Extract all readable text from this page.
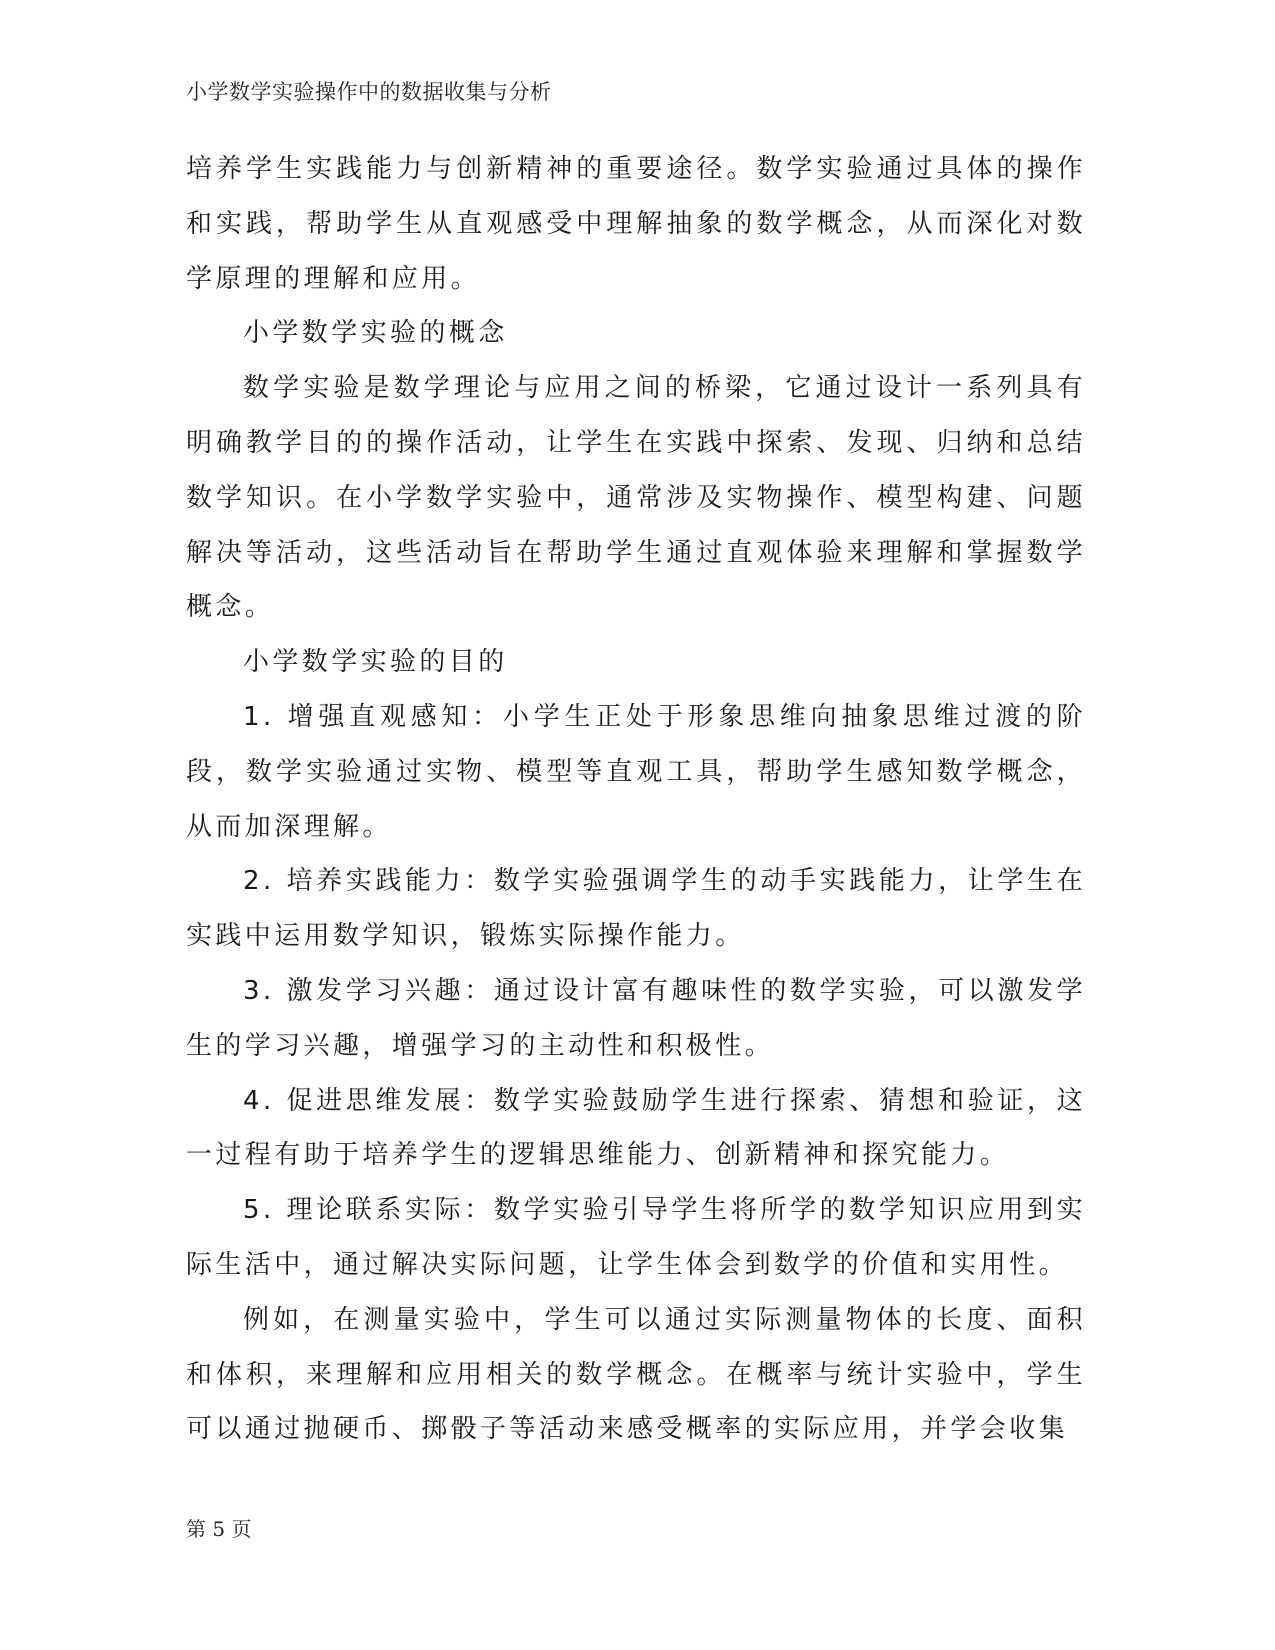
小学数学实验操作中的数据收集与分析

培养学生实践能力与创新精神的重要途径。数学实验通过具体的操作和实践，帮助学生从直观感受中理解抽象的数学概念，从而深化对数学原理的理解和应用。

小学数学实验的概念

数学实验是数学理论与应用之间的桥梁，它通过设计一系列具有明确教学目的的操作活动，让学生在实践中探索、发现、归纳和总结数学知识。在小学数学实验中，通常涉及实物操作、模型构建、问题解决等活动，这些活动旨在帮助学生通过直观体验来理解和掌握数学概念。

小学数学实验的目的

1. 增强直观感知：小学生正处于形象思维向抽象思维过渡的阶段，数学实验通过实物、模型等直观工具，帮助学生感知数学概念，从而加深理解。

2. 培养实践能力：数学实验强调学生的动手实践能力，让学生在实践中运用数学知识，锻炼实际操作能力。

3. 激发学习兴趣：通过设计富有趣味性的数学实验，可以激发学生的学习兴趣，增强学习的主动性和积极性。

4. 促进思维发展：数学实验鼓励学生进行探索、猜想和验证，这一过程有助于培养学生的逻辑思维能力、创新精神和探究能力。

5. 理论联系实际：数学实验引导学生将所学的数学知识应用到实际生活中，通过解决实际问题，让学生体会到数学的价值和实用性。

例如，在测量实验中，学生可以通过实际测量物体的长度、面积和体积，来理解和应用相关的数学概念。在概率与统计实验中，学生可以通过抛硬币、掷骰子等活动来感受概率的实际应用，并学会收集

第 5 页
